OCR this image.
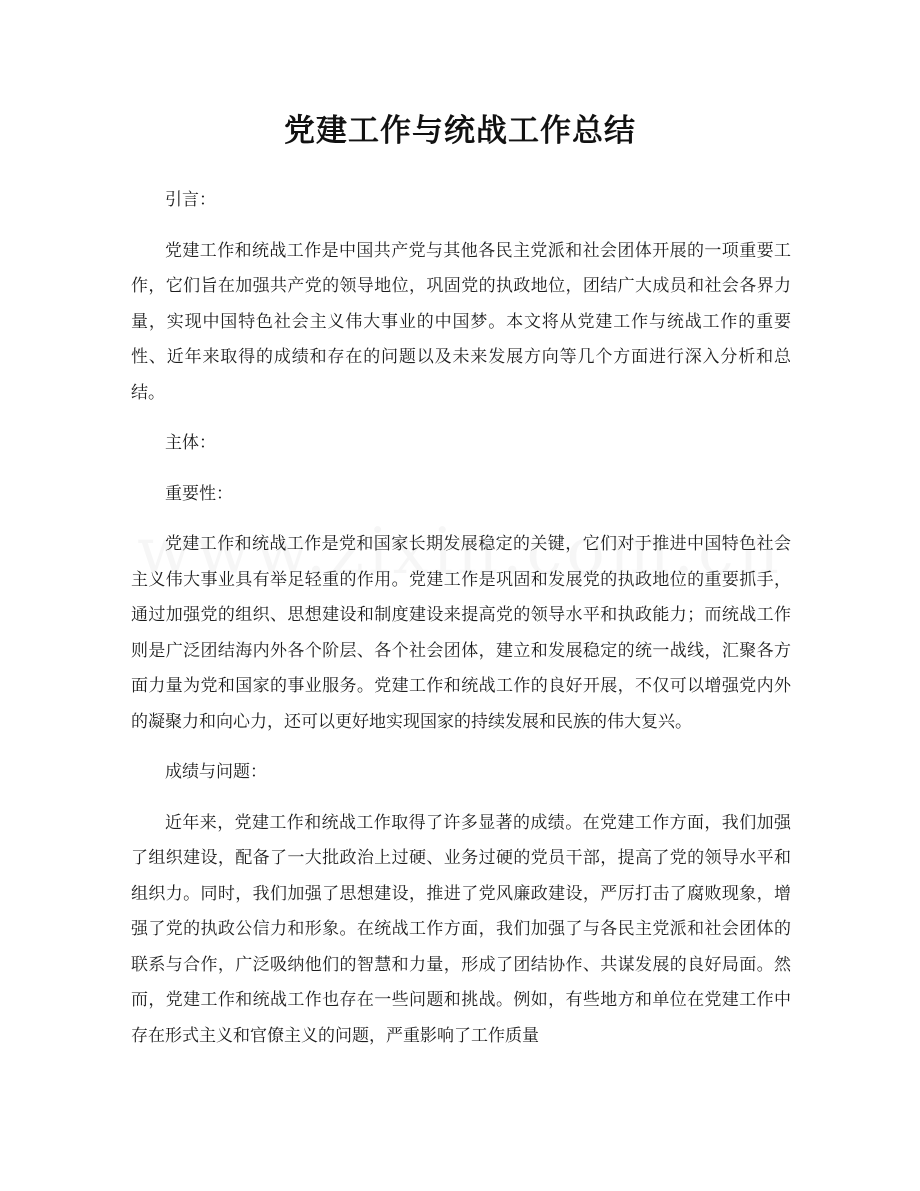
党建工作与统战工作总结

引言：

党建工作和统战工作是中国共产党与其他各民主党派和社会团体开展的一项重要工作，它们旨在加强共产党的领导地位，巩固党的执政地位，团结广大成员和社会各界力量，实现中国特色社会主义伟大事业的中国梦。本文将从党建工作与统战工作的重要性、近年来取得的成绩和存在的问题以及未来发展方向等几个方面进行深入分析和总结。

主体：

重要性：

党建工作和统战工作是党和国家长期发展稳定的关键，它们对于推进中国特色社会主义伟大事业具有举足轻重的作用。党建工作是巩固和发展党的执政地位的重要抓手，通过加强党的组织、思想建设和制度建设来提高党的领导水平和执政能力；而统战工作则是广泛团结海内外各个阶层、各个社会团体，建立和发展稳定的统一战线，汇聚各方面力量为党和国家的事业服务。党建工作和统战工作的良好开展，不仅可以增强党内外的凝聚力和向心力，还可以更好地实现国家的持续发展和民族的伟大复兴。

成绩与问题：

近年来，党建工作和统战工作取得了许多显著的成绩。在党建工作方面，我们加强了组织建设，配备了一大批政治上过硬、业务过硬的党员干部，提高了党的领导水平和组织力。同时，我们加强了思想建设，推进了党风廉政建设，严厉打击了腐败现象，增强了党的执政公信力和形象。在统战工作方面，我们加强了与各民主党派和社会团体的联系与合作，广泛吸纳他们的智慧和力量，形成了团结协作、共谋发展的良好局面。然而，党建工作和统战工作也存在一些问题和挑战。例如，有些地方和单位在党建工作中存在形式主义和官僚主义的问题，严重影响了工作质量
